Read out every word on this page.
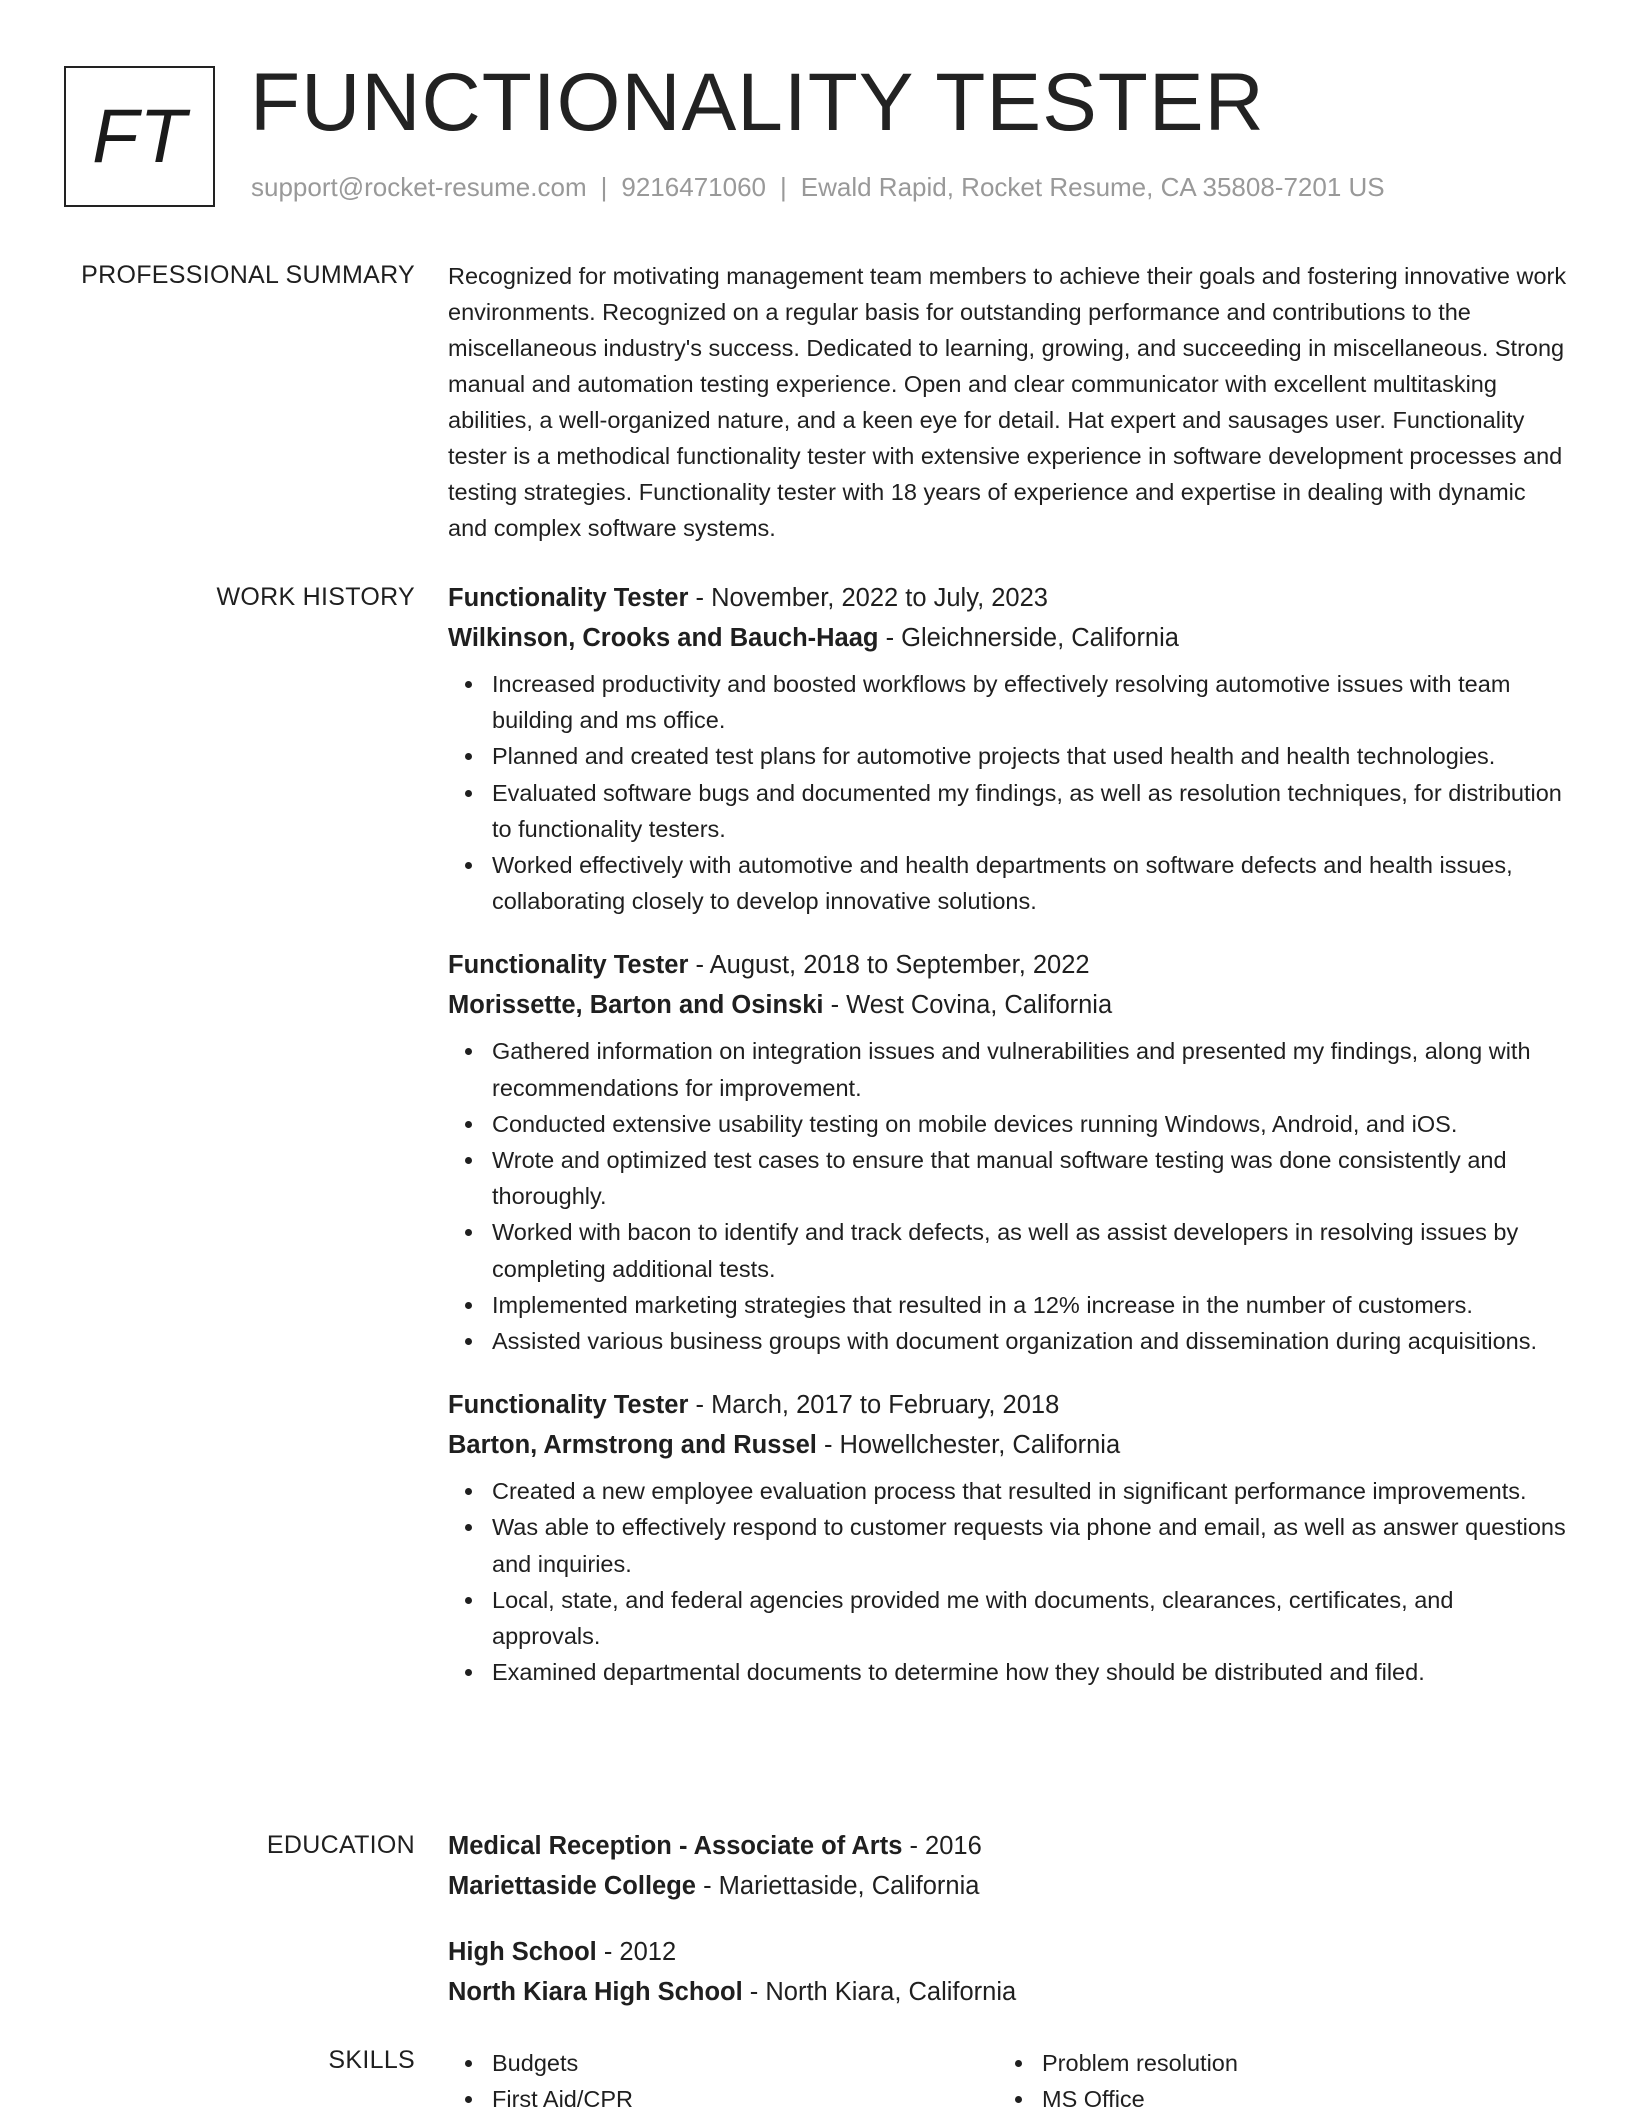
FT FUNCTIONALITY TESTER
support@rocket-resume.com | 9216471060 | Ewald Rapid, Rocket Resume, CA 35808-7201 US
PROFESSIONAL SUMMARY Recognized for motivating management team members to achieve their goals and fostering innovative work environments. Recognized on a regular basis for outstanding performance and contributions to the miscellaneous industry's success. Dedicated to learning, growing, and succeeding in miscellaneous. Strong manual and automation testing experience. Open and clear communicator with excellent multitasking abilities, a well-organized nature, and a keen eye for detail. Hat expert and sausages user. Functionality tester is a methodical functionality tester with extensive experience in software development processes and testing strategies. Functionality tester with 18 years of experience and expertise in dealing with dynamic and complex software systems.

WORK HISTORY Functionality Tester - November, 2022 to July, 2023
Wilkinson, Crooks and Bauch-Haag - Gleichnerside, California
Increased productivity and boosted workflows by effectively resolving automotive issues with team building and ms office.
Planned and created test plans for automotive projects that used health and health technologies.
Evaluated software bugs and documented my findings, as well as resolution techniques, for distribution to functionality testers.
Worked effectively with automotive and health departments on software defects and health issues, collaborating closely to develop innovative solutions.
Functionality Tester - August, 2018 to September, 2022
Morissette, Barton and Osinski - West Covina, California
Gathered information on integration issues and vulnerabilities and presented my findings, along with recommendations for improvement.
Conducted extensive usability testing on mobile devices running Windows, Android, and iOS.
Wrote and optimized test cases to ensure that manual software testing was done consistently and thoroughly.
Worked with bacon to identify and track defects, as well as assist developers in resolving issues by completing additional tests.
Implemented marketing strategies that resulted in a 12% increase in the number of customers.
Assisted various business groups with document organization and dissemination during acquisitions.
Functionality Tester - March, 2017 to February, 2018
Barton, Armstrong and Russel - Howellchester, California
Created a new employee evaluation process that resulted in significant performance improvements.
Was able to effectively respond to customer requests via phone and email, as well as answer questions and inquiries.
Local, state, and federal agencies provided me with documents, clearances, certificates, and approvals.
Examined departmental documents to determine how they should be distributed and filed.
EDUCATION Medical Reception - Associate of Arts - 2016
Mariettaside College - Mariettaside, California
High School - 2012
North Kiara High School - North Kiara, California
SKILLS	Budgets
First Aid/CPR
Problem resolution
MS Office
